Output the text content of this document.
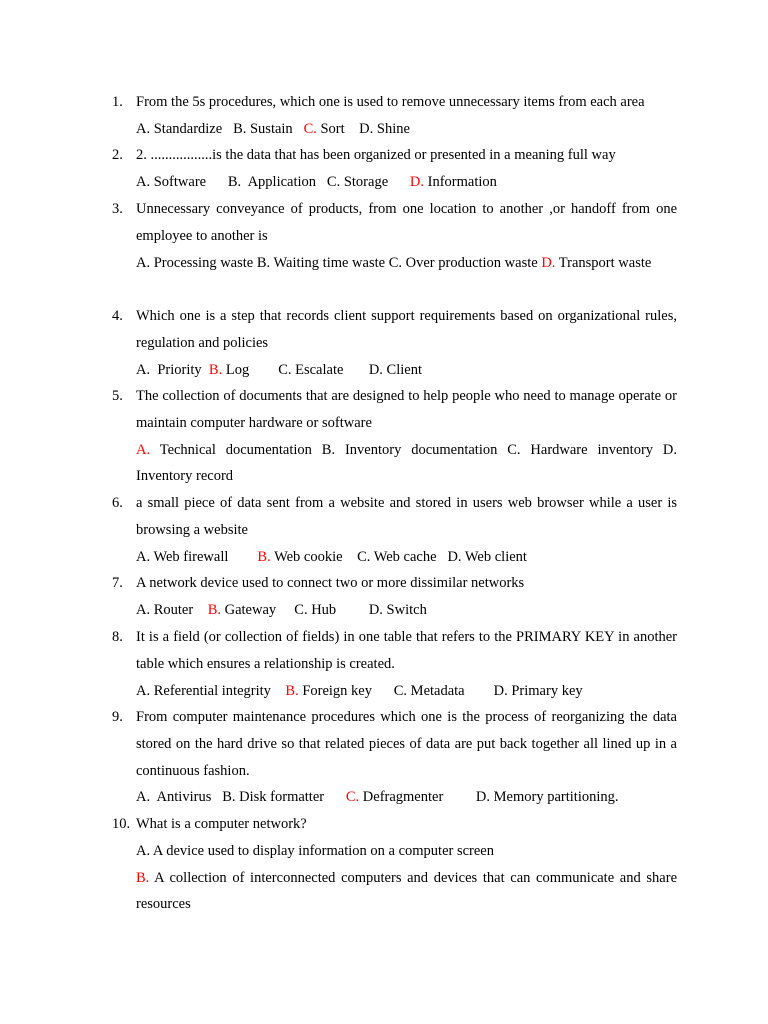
1. From the 5s procedures, which one is used to remove unnecessary items from each area
A. Standardize   B. Sustain   C. Sort    D. Shine
2. 2. .................is the data that has been organized or presented in a meaning full way
A. Software      B.  Application   C. Storage      D. Information
3. Unnecessary conveyance of products, from one location to another ,or handoff from one employee to another is
A. Processing waste B. Waiting time waste C. Over production waste D. Transport waste
4. Which one is a step that records client support requirements based on organizational rules, regulation and policies
A.  Priority  B. Log        C. Escalate       D. Client
5. The collection of documents that are designed to help people who need to manage operate or maintain computer hardware or software
A. Technical documentation B. Inventory documentation C. Hardware inventory D. Inventory record
6. a small piece of data sent from a website and stored in users web browser while a user is browsing a website
A. Web firewall        B. Web cookie    C. Web cache   D. Web client
7. A network device used to connect two or more dissimilar networks
A. Router    B. Gateway     C. Hub         D. Switch
8. It is a field (or collection of fields) in one table that refers to the PRIMARY KEY in another table which ensures a relationship is created.
A. Referential integrity    B. Foreign key      C. Metadata        D. Primary key
9. From computer maintenance procedures which one is the process of reorganizing the data stored on the hard drive so that related pieces of data are put back together all lined up in a continuous fashion.
A.  Antivirus   B. Disk formatter      C. Defragmenter         D. Memory partitioning.
10. What is a computer network?
A. A device used to display information on a computer screen
B. A collection of interconnected computers and devices that can communicate and share resources
